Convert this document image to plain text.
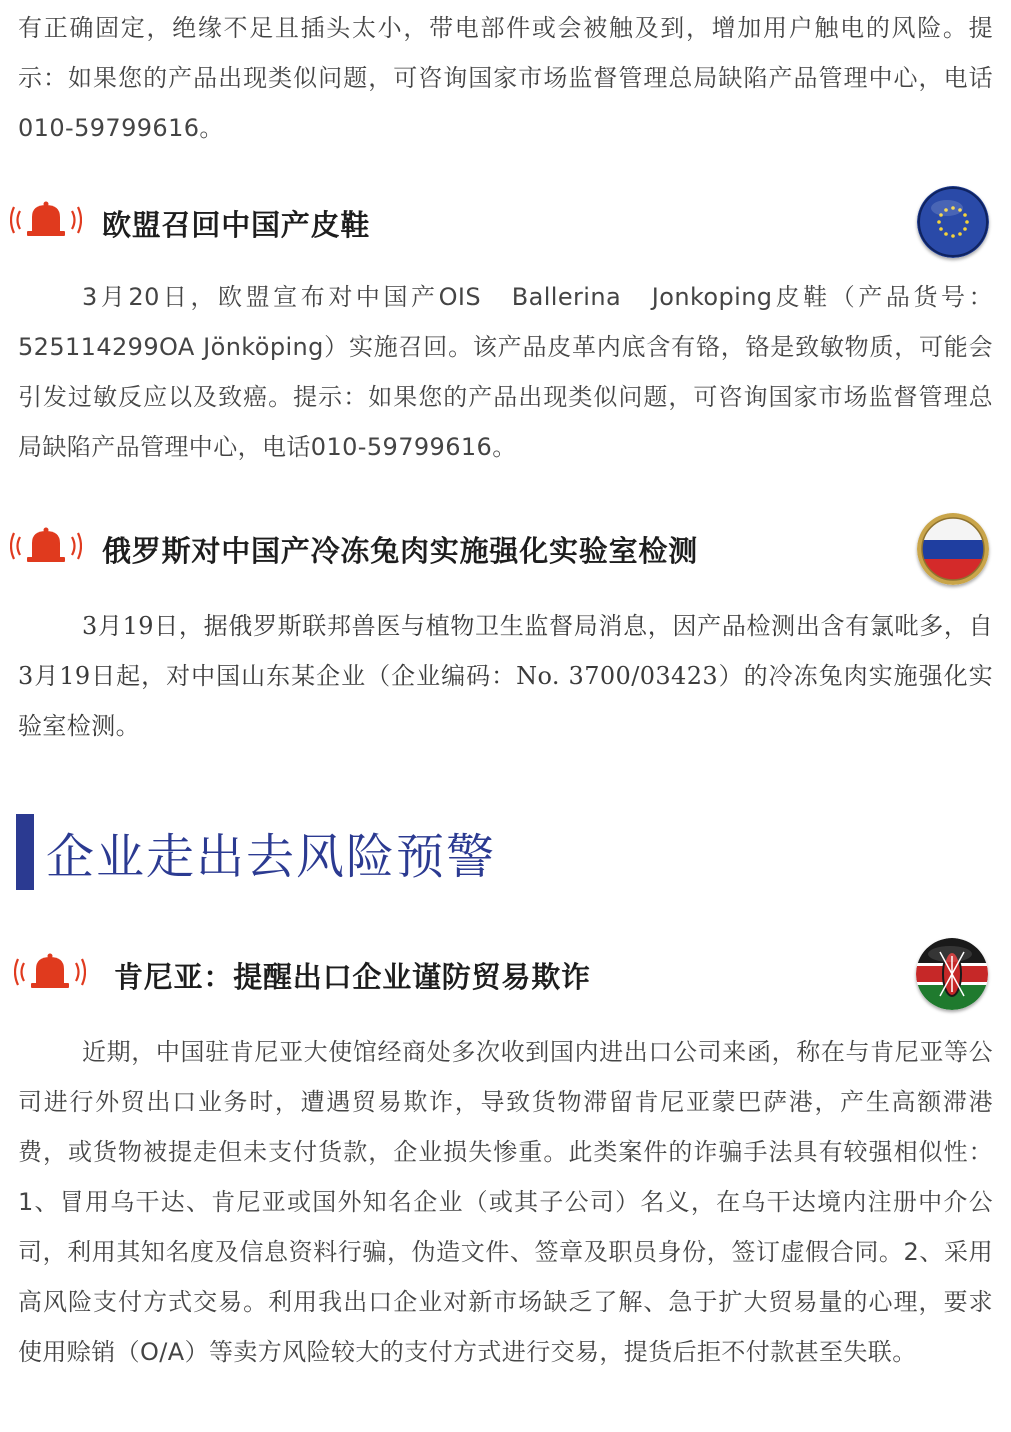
有正确固定，绝缘不足且插头太小，带电部件或会被触及到，增加用户触电的风险。提示：如果您的产品出现类似问题，可咨询国家市场监督管理总局缺陷产品管理中心，电话010-59799616。

欧盟召回中国产皮鞋

3月20日，欧盟宣布对中国产OIS　Ballerina　Jonkoping皮鞋（产品货号：525114299OA Jönköping）实施召回。该产品皮革内底含有铬，铬是致敏物质，可能会引发过敏反应以及致癌。提示：如果您的产品出现类似问题，可咨询国家市场监督管理总局缺陷产品管理中心，电话010-59799616。

俄罗斯对中国产冷冻兔肉实施强化实验室检测

3月19日，据俄罗斯联邦兽医与植物卫生监督局消息，因产品检测出含有氯吡多，自3月19日起，对中国山东某企业（企业编码：No. 3700/03423）的冷冻兔肉实施强化实验室检测。

企业走出去风险预警
肯尼亚：提醒出口企业谨防贸易欺诈

近期，中国驻肯尼亚大使馆经商处多次收到国内进出口公司来函，称在与肯尼亚等公司进行外贸出口业务时，遭遇贸易欺诈，导致货物滞留肯尼亚蒙巴萨港，产生高额滞港费，或货物被提走但未支付货款，企业损失惨重。此类案件的诈骗手法具有较强相似性：1、冒用乌干达、肯尼亚或国外知名企业（或其子公司）名义，在乌干达境内注册中介公司，利用其知名度及信息资料行骗，伪造文件、签章及职员身份，签订虚假合同。2、采用高风险支付方式交易。利用我出口企业对新市场缺乏了解、急于扩大贸易量的心理，要求使用赊销（O/A）等卖方风险较大的支付方式进行交易，提货后拒不付款甚至失联。
